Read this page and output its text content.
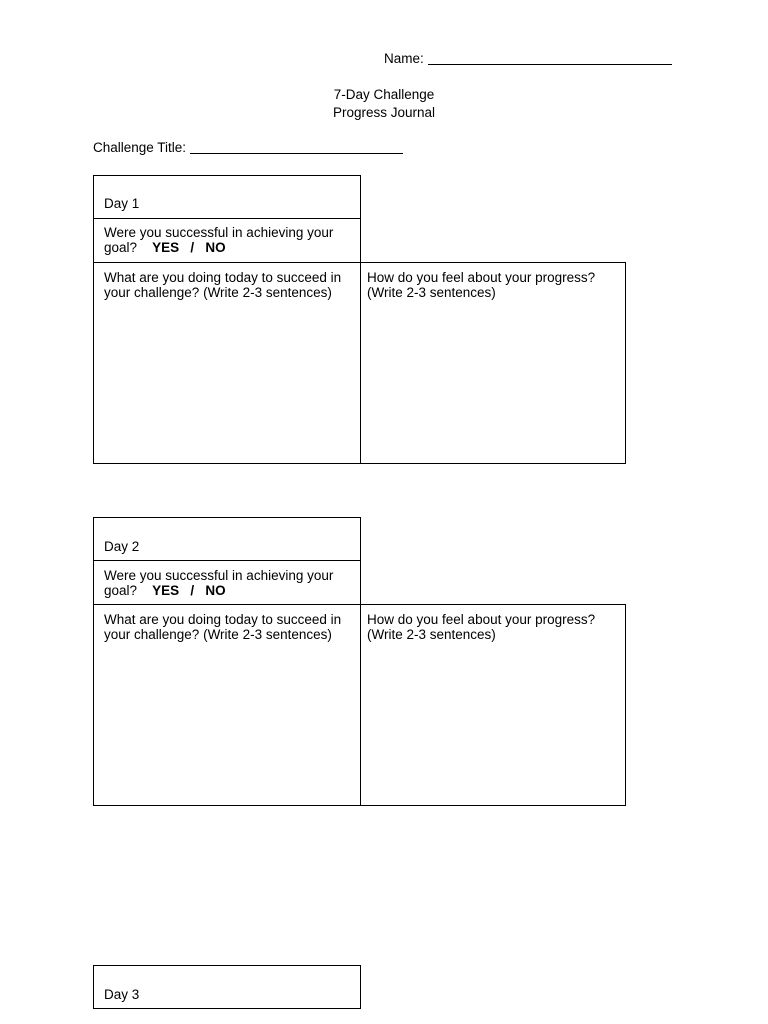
Name:
7-Day Challenge
Progress Journal
Challenge Title:
Day 1
Were you successful in achieving your
goal? YES / NO
What are you doing today to succeed in
your challenge? (Write 2-3 sentences)
How do you feel about your progress?
(Write 2-3 sentences)
Day 2
Were you successful in achieving your
goal? YES / NO
What are you doing today to succeed in
your challenge? (Write 2-3 sentences)
How do you feel about your progress?
(Write 2-3 sentences)
Day 3
